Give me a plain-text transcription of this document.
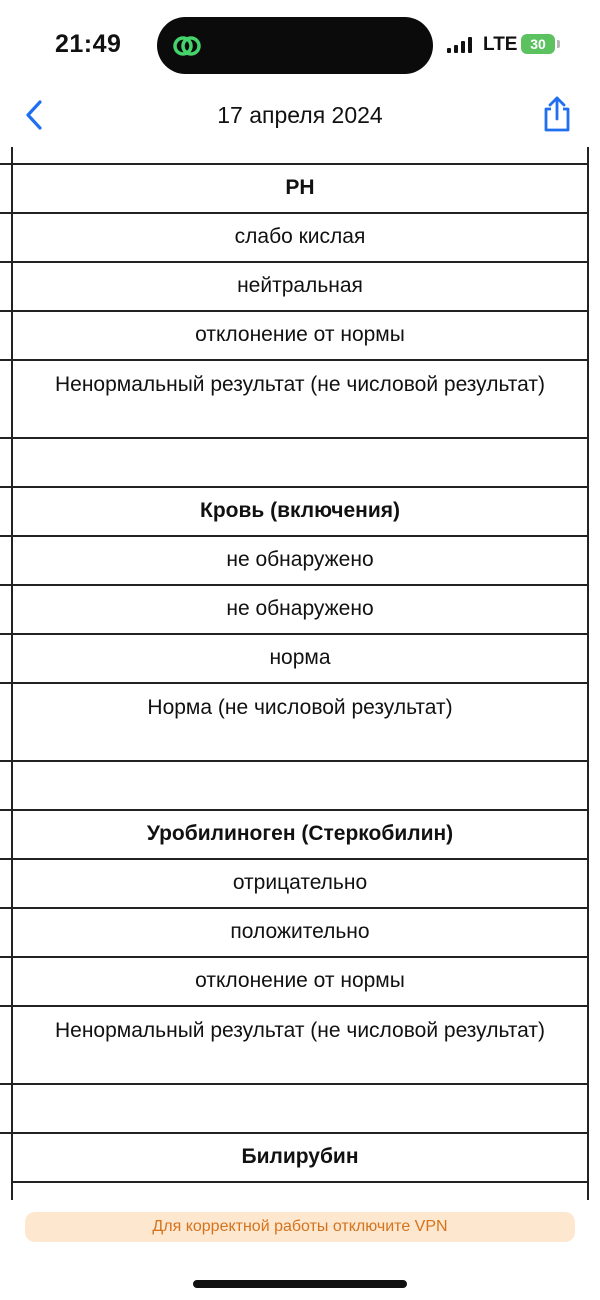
21:49	LTE 30
17 апреля 2024
РН
слабо кислая
нейтральная
отклонение от нормы
Ненормальный результат (не числовой результат)
Кровь (включения)
не обнаружено
не обнаружено
норма
Норма (не числовой результат)
Уробилиноген (Стеркобилин)
отрицательно
положительно
отклонение от нормы
Ненормальный результат (не числовой результат)
Билирубин
Для корректной работы отключите VPN
